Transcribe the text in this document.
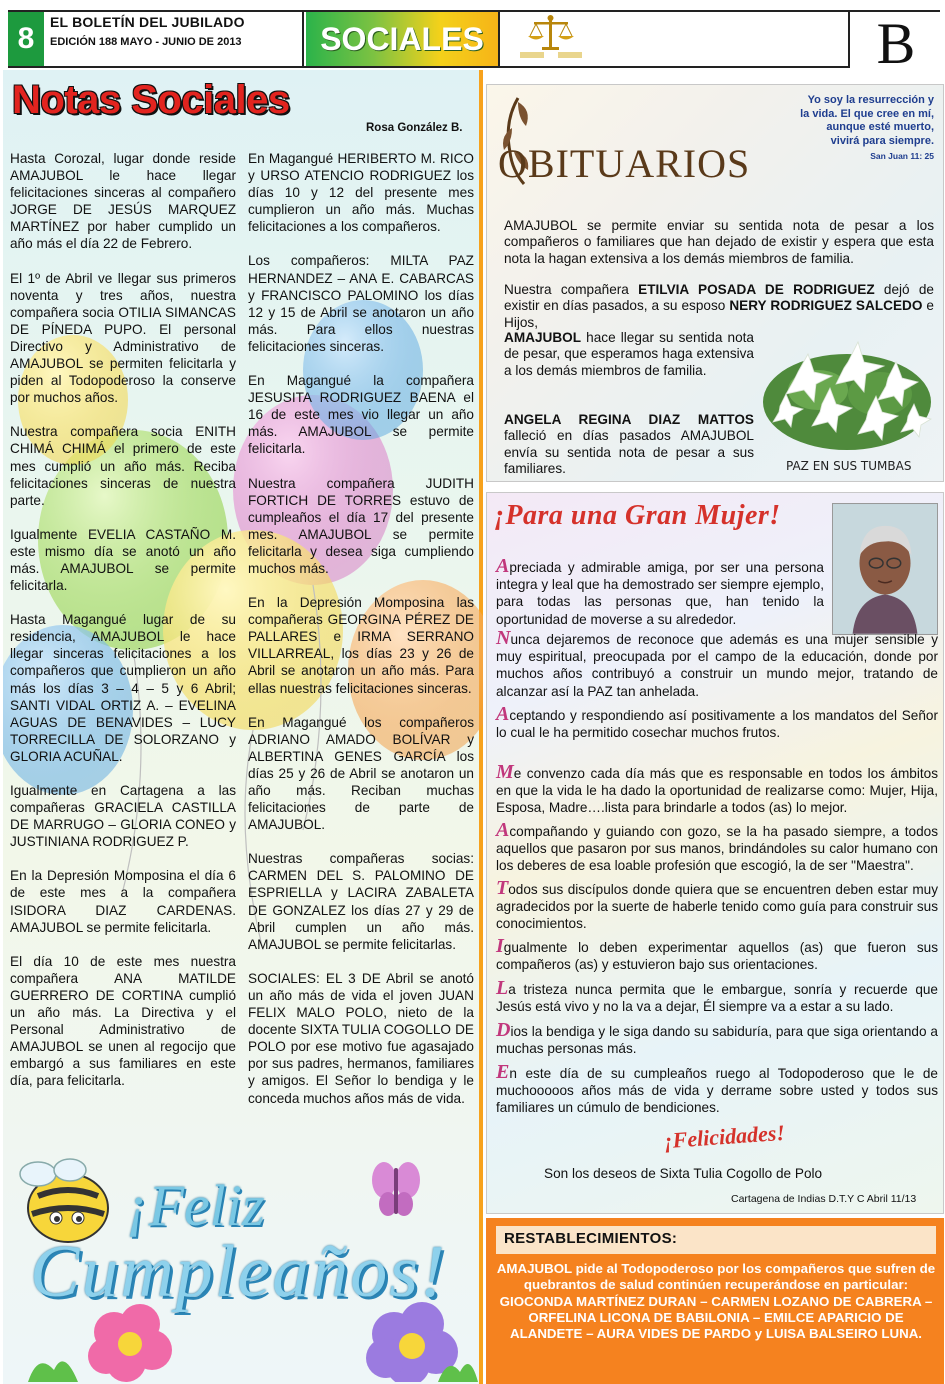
8	EL BOLETÍN DEL JUBILADO
EDICIÓN 188 MAYO - JUNIO DE 2013	SOCIALES	B
Notas Sociales
Rosa González B.

Hasta Corozal, lugar donde reside AMAJUBOL le hace llegar felicitaciones sinceras al compañero JORGE DE JESÚS MARQUEZ MARTÍNEZ por haber cumplido un año más el día 22 de Febrero.

El 1º de Abril ve llegar sus primeros noventa y tres años, nuestra compañera socia OTILIA SIMANCAS DE PÍNEDA PUPO. El personal Directivo y Administrativo de AMAJUBOL se permiten felicitarla y piden al Todopoderoso la conserve por muchos años.

Nuestra compañera socia ENITH CHIMÁ CHIMÁ el primero de este mes cumplió un año más. Reciba felicitaciones sinceras de nuestra parte.

Igualmente EVELIA CASTAÑO M. este mismo día se anotó un año más. AMAJUBOL se permite felicitarla.

Hasta Magangué lugar de su residencia, AMAJUBOL le hace llegar sinceras felicitaciones a los compañeros que cumplieron un año más los días 3 – 4 – 5 y 6 Abril; SANTI VIDAL ORTIZ A. – EVELINA AGUAS DE BENAVIDES – LUCY TORRECILLA DE SOLORZANO y GLORIA ACUÑAL.

Igualmente en Cartagena a las compañeras GRACIELA CASTILLA DE MARRUGO – GLORIA CONEO y JUSTINIANA RODRIGUEZ P.

En la Depresión Momposina el día 6 de este mes a la compañera ISIDORA DIAZ CARDENAS. AMAJUBOL se permite felicitarla.

El día 10 de este mes nuestra compañera ANA MATILDE GUERRERO DE CORTINA cumplió un año más. La Directiva y el Personal Administrativo de AMAJUBOL se unen al regocijo que embargó a sus familiares en este día, para felicitarla.

En Magangué HERIBERTO M. RICO y URSO ATENCIO RODRIGUEZ los días 10 y 12 del presente mes cumplieron un año más. Muchas felicitaciones a los compañeros.

Los compañeros: MILTA PAZ HERNANDEZ – ANA E. CABARCAS y FRANCISCO PALOMINO los días 12 y 15 de Abril se anotaron un año más. Para ellos nuestras felicitaciones sinceras.

En Magangué la compañera JESUSITA RODRIGUEZ BAENA el 16 de este mes vio llegar un año más. AMAJUBOL se permite felicitarla.

Nuestra compañera JUDITH FORTICH DE TORRES estuvo de cumpleaños el día 17 del presente mes. AMAJUBOL se permite felicitarla y desea siga cumpliendo muchos más.

En la Depresión Momposina las compañeras GEORGINA PÉREZ DE PALLARES e IRMA SERRANO VILLARREAL, los días 23 y 26 de Abril se anotaron un año más. Para ellas nuestras felicitaciones sinceras.

En Magangué los compañeros ADRIANO AMADO BOLÍVAR y ALBERTINA GENES GARCÍA los días 25 y 26 de Abril se anotaron un año más. Reciban muchas felicitaciones de parte de AMAJUBOL.

Nuestras compañeras socias: CARMEN DEL S. PALOMINO DE ESPRIELLA y LACIRA ZABALETA DE GONZALEZ los días 27 y 29 de Abril cumplen un año más. AMAJUBOL se permite felicitarlas.

SOCIALES: EL 3 DE Abril se anotó un año más de vida el joven JUAN FELIX MALO POLO, nieto de la docente SIXTA TULIA COGOLLO DE POLO por ese motivo fue agasajado por sus padres, hermanos, familiares y amigos. El Señor lo bendiga y le conceda muchos años más de vida.

¡Feliz
Cumpleaños!
OBITUARIOS
Yo soy la resurrección y la vida. El que cree en mí, aunque esté muerto, vivirá para siempre.
San Juan 11: 25
AMAJUBOL se permite enviar su sentida nota de pesar a los compañeros o familiares que han dejado de existir y espera que esta nota la hagan extensiva a los demás miembros de familia.
Nuestra compañera ETILVIA POSADA DE RODRIGUEZ dejó de existir en días pasados, a su esposo NERY RODRIGUEZ SALCEDO e Hijos,
AMAJUBOL hace llegar su sentida nota de pesar, que esperamos haga extensiva a los demás miembros de familia.
ANGELA REGINA DIAZ MATTOS falleció en días pasados AMAJUBOL envía su sentida nota de pesar a sus familiares.	PAZ EN SUS TUMBAS
¡Para una Gran Mujer!
Apreciada y admirable amiga, por ser una persona integra y leal que ha demostrado ser siempre ejemplo, para todas las personas que, han tenido la oportunidad de moverse a su alrededor.
Nunca dejaremos de reconoce que además es una mujer sensible y muy espiritual, preocupada por el campo de la educación, donde por muchos años contribuyó a construir un mundo mejor, tratando de alcanzar así la PAZ tan anhelada.
Aceptando y respondiendo así positivamente a los mandatos del Señor lo cual le ha permitido cosechar muchos frutos.
Me convenzo cada día más que es responsable en todos los ámbitos en que la vida le ha dado la oportunidad de realizarse como: Mujer, Hija, Esposa, Madre….lista para brindarle a todos (as) lo mejor.
Acompañando y guiando con gozo, se la ha pasado siempre, a todos aquellos que pasaron por sus manos, brindándoles su calor humano con los deberes de esa loable profesión que escogió, la de ser "Maestra".
Todos sus discípulos donde quiera que se encuentren deben estar muy agradecidos por la suerte de haberle tenido como guía para construir sus conocimientos.
Igualmente lo deben experimentar aquellos (as) que fueron sus compañeros (as) y estuvieron bajo sus orientaciones.
La tristeza nunca permita que le embargue, sonría y recuerde que Jesús está vivo y no la va a dejar, Él siempre va a estar a su lado.
Dios la bendiga y le siga dando su sabiduría, para que siga orientando a muchas personas más.
En este día de su cumpleaños ruego al Todopoderoso que le de muchooooos años más de vida y derrame sobre usted y todos sus familiares un cúmulo de bendiciones.
¡Felicidades!
Son los deseos de Sixta Tulia Cogollo de Polo
Cartagena de Indias D.T.Y C Abril 11/13
RESTABLECIMIENTOS:
AMAJUBOL pide al Todopoderoso por los compañeros que sufren de quebrantos de salud continúen recuperándose en particular: GIOCONDA MARTÍNEZ DURAN – CARMEN LOZANO DE CABRERA – ORFELINA LICONA DE BABILONIA – EMILCE APARICIO DE ALANDETE – AURA VIDES DE PARDO y LUISA BALSEIRO LUNA.
